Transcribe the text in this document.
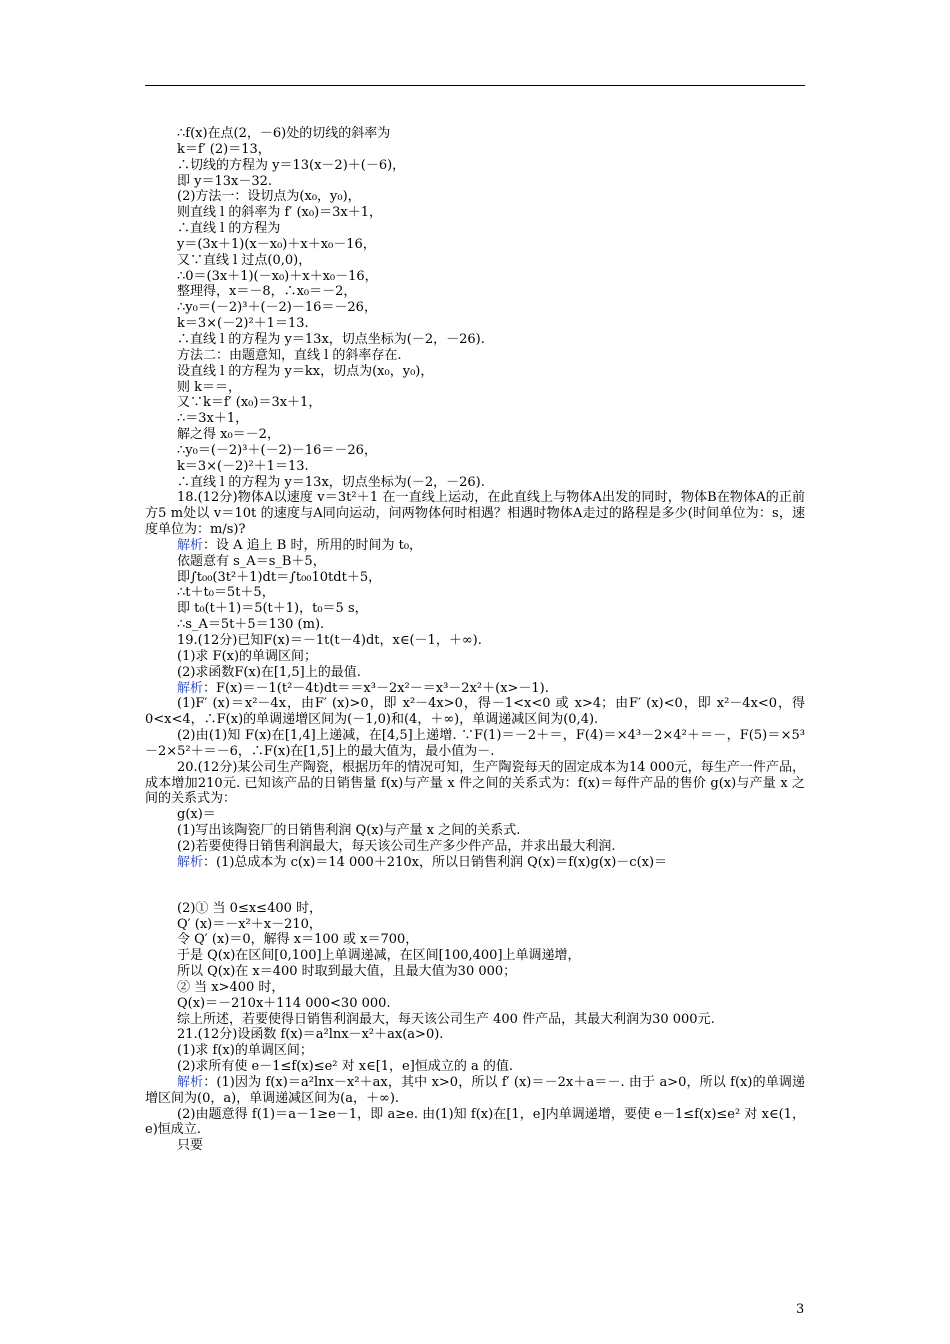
∴f(x)在点(2，－6)处的切线的斜率为
k＝f′ (2)＝13，
∴切线的方程为 y＝13(x－2)＋(－6)，
即 y＝13x－32.
(2)方法一：设切点为(x₀，y₀)，
则直线 l 的斜率为 f′ (x₀)＝3x＋1，
∴直线 l 的方程为
y＝(3x＋1)(x－x₀)＋x＋x₀－16，
又∵直线 l 过点(0,0)，
∴0＝(3x＋1)(－x₀)＋x＋x₀－16，
整理得，x＝－8，∴x₀＝－2，
∴y₀＝(－2)³＋(－2)－16＝－26，
k＝3×(－2)²＋1＝13.
∴直线 l 的方程为 y＝13x，切点坐标为(－2，－26).
方法二：由题意知，直线 l 的斜率存在.
设直线 l 的方程为 y＝kx，切点为(x₀，y₀)，
则 k＝＝，
又∵k＝f′ (x₀)＝3x＋1，
∴＝3x＋1，
解之得 x₀＝－2，
∴y₀＝(－2)³＋(－2)－16＝－26，
k＝3×(－2)²＋1＝13.
∴直线 l 的方程为 y＝13x，切点坐标为(－2，－26).
18.(12分)物体A以速度 v＝3t²＋1 在一直线上运动，在此直线上与物体A出发的同时，物体B在物体A的正前方5 m处以 v＝10t 的速度与A同向运动，问两物体何时相遇？相遇时物体A走过的路程是多少(时间单位为：s，速度单位为：m/s)?
解析：设 A 追上 B 时，所用的时间为 t₀，
依题意有 s_A＝s_B＋5，
即∫t₀₀(3t²＋1)dt＝∫t₀₀10tdt＋5，
∴t＋t₀＝5t＋5，
即 t₀(t＋1)＝5(t＋1)，t₀＝5 s，
∴s_A＝5t＋5＝130 (m).
19.(12分)已知F(x)＝－1t(t－4)dt，x∈(－1，＋∞).
(1)求 F(x)的单调区间；
(2)求函数F(x)在[1,5]上的最值.
解析：F(x)＝－1(t²－4t)dt＝＝x³－2x²－＝x³－2x²＋(x>－1).
(1)F′ (x)＝x²－4x，由F′ (x)>0，即 x²－4x>0，得－1<x<0 或 x>4；由F′ (x)<0，即 x²－4x<0，得 0<x<4，∴F(x)的单调递增区间为(－1,0)和(4，＋∞)，单调递减区间为(0,4).
(2)由(1)知 F(x)在[1,4]上递减，在[4,5]上递增. ∵F(1)＝－2＋＝，F(4)＝×4³－2×4²＋＝－，F(5)＝×5³－2×5²＋＝－6，∴F(x)在[1,5]上的最大值为，最小值为－.
20.(12分)某公司生产陶瓷，根据历年的情况可知，生产陶瓷每天的固定成本为14 000元，每生产一件产品，成本增加210元. 已知该产品的日销售量 f(x)与产量 x 件之间的关系式为：f(x)＝每件产品的售价 g(x)与产量 x 之间的关系式为：
g(x)＝
(1)写出该陶瓷厂的日销售利润 Q(x)与产量 x 之间的关系式.
(2)若要使得日销售利润最大，每天该公司生产多少件产品，并求出最大利润.
解析：(1)总成本为 c(x)＝14 000＋210x，所以日销售利润 Q(x)＝f(x)g(x)－c(x)＝
(2)① 当 0≤x≤400 时，
Q′ (x)＝－x²＋x－210，
令 Q′ (x)＝0，解得 x＝100 或 x＝700，
于是 Q(x)在区间[0,100]上单调递减，在区间[100,400]上单调递增，
所以 Q(x)在 x＝400 时取到最大值，且最大值为30 000；
② 当 x>400 时，
Q(x)＝－210x＋114 000<30 000.
综上所述，若要使得日销售利润最大，每天该公司生产 400 件产品，其最大利润为30 000元.
21.(12分)设函数 f(x)＝a²lnx－x²＋ax(a>0).
(1)求 f(x)的单调区间；
(2)求所有使 e－1≤f(x)≤e² 对 x∈[1，e]恒成立的 a 的值.
解析：(1)因为 f(x)＝a²lnx－x²＋ax，其中 x>0，所以 f′ (x)＝－2x＋a＝－. 由于 a>0，所以 f(x)的单调递增区间为(0，a)，单调递减区间为(a，＋∞).
(2)由题意得 f(1)＝a－1≥e－1，即 a≥e. 由(1)知 f(x)在[1，e]内单调递增，要使 e－1≤f(x)≤e² 对 x∈(1，e)恒成立.
只要
3
